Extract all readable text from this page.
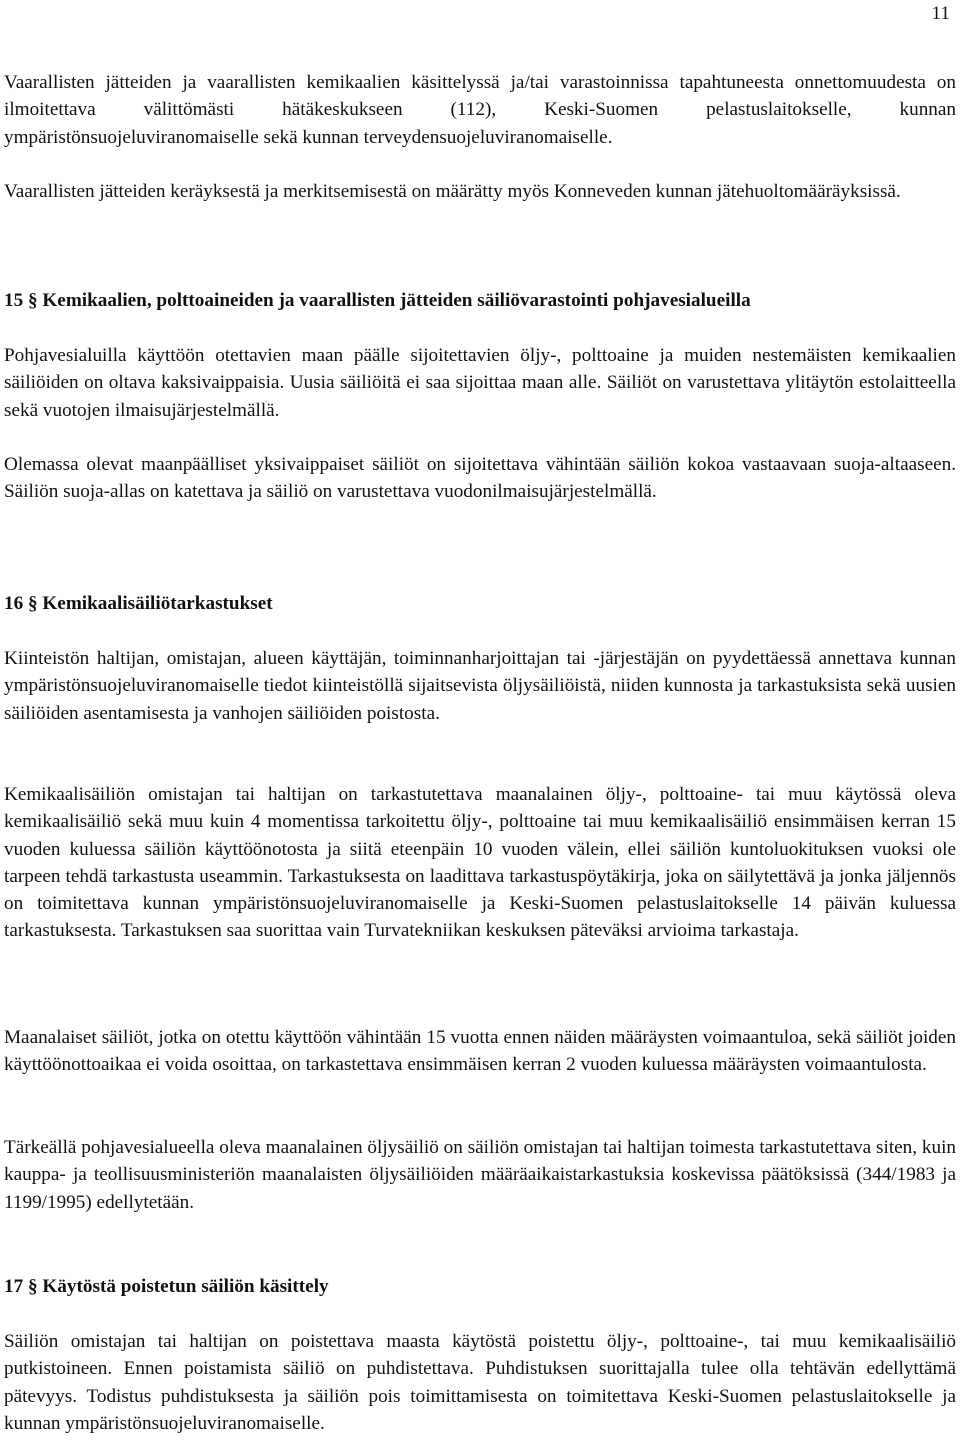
11

Vaarallisten jätteiden ja vaarallisten kemikaalien käsittelyssä ja/tai varastoinnissa tapahtuneesta onnettomuudesta on ilmoitettava välittömästi hätäkeskukseen (112), Keski-Suomen pelastuslaitokselle, kunnan ympäristönsuojeluviranomaiselle sekä kunnan terveydensuojeluviranomaiselle.

Vaarallisten jätteiden keräyksestä ja merkitsemisestä on määrätty myös Konneveden kunnan jätehuoltomääräyksissä.

15 § Kemikaalien, polttoaineiden ja vaarallisten jätteiden säiliövarastointi pohjavesialueilla

Pohjavesialuilla käyttöön otettavien maan päälle sijoitettavien öljy-, polttoaine ja muiden nestemäisten kemikaalien säiliöiden on oltava kaksivaippaisia. Uusia säiliöitä ei saa sijoittaa maan alle. Säiliöt on varustettava ylitäytön estolaitteella sekä vuotojen ilmaisujärjestelmällä.

Olemassa olevat maanpäälliset yksivaippaiset säiliöt on sijoitettava vähintään säiliön kokoa vastaavaan suoja-altaaseen. Säiliön suoja-allas on katettava ja säiliö on varustettava vuodonilmaisujärjestelmällä.

16 § Kemikaalisäiliötarkastukset

Kiinteistön haltijan, omistajan, alueen käyttäjän, toiminnanharjoittajan tai -järjestäjän on pyydettäessä annettava kunnan ympäristönsuojeluviranomaiselle tiedot kiinteistöllä sijaitsevista öljysäiliöistä, niiden kunnosta ja tarkastuksista sekä uusien säiliöiden asentamisesta ja vanhojen säiliöiden poistosta.

Kemikaalisäiliön omistajan tai haltijan on tarkastutettava maanalainen öljy-, polttoaine- tai muu käytössä oleva kemikaalisäiliö sekä muu kuin 4 momentissa tarkoitettu öljy-, polttoaine tai muu kemikaalisäiliö ensimmäisen kerran 15 vuoden kuluessa säiliön käyttöönotosta ja siitä eteenpäin 10 vuoden välein, ellei säiliön kuntoluokituksen vuoksi ole tarpeen tehdä tarkastusta useammin. Tarkastuksesta on laadittava tarkastuspöytäkirja, joka on säilytettävä ja jonka jäljennös on toimitettava kunnan ympäristönsuojeluviranomaiselle ja Keski-Suomen pelastuslaitokselle 14 päivän kuluessa tarkastuksesta. Tarkastuksen saa suorittaa vain Turvatekniikan keskuksen päteväksi arvioima tarkastaja.

Maanalaiset säiliöt, jotka on otettu käyttöön vähintään 15 vuotta ennen näiden määräysten voimaantuloa, sekä säiliöt joiden käyttöönottoaikaa ei voida osoittaa, on tarkastettava ensimmäisen kerran 2 vuoden kuluessa määräysten voimaantulosta.

Tärkeällä pohjavesialueella oleva maanalainen öljysäiliö on säiliön omistajan tai haltijan toimesta tarkastutettava siten, kuin kauppa- ja teollisuusministeriön maanalaisten öljysäiliöiden määräaikaistarkastuksia koskevissa päätöksissä (344/1983 ja 1199/1995) edellytetään.

17 § Käytöstä poistetun säiliön käsittely

Säiliön omistajan tai haltijan on poistettava maasta käytöstä poistettu öljy-, polttoaine-, tai muu kemikaalisäiliö putkistoineen. Ennen poistamista säiliö on puhdistettava. Puhdistuksen suorittajalla tulee olla tehtävän edellyttämä pätevyys. Todistus puhdistuksesta ja säiliön pois toimittamisesta on toimitettava Keski-Suomen pelastuslaitokselle ja kunnan ympäristönsuojeluviranomaiselle.
